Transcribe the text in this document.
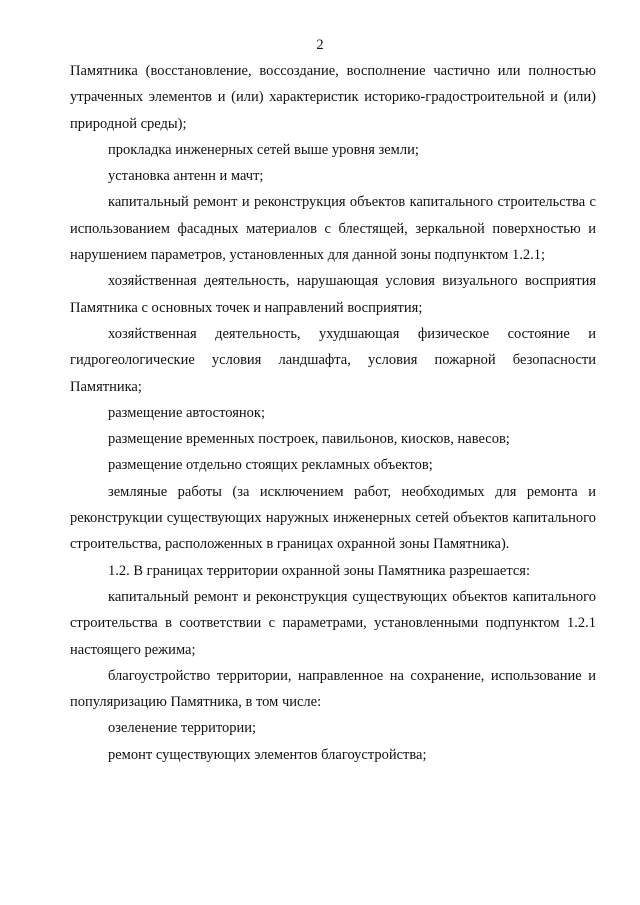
2

Памятника (восстановление, воссоздание, восполнение частично или полностью утраченных элементов и (или) характеристик историко-градостроительной и (или) природной среды);

прокладка инженерных сетей выше уровня земли;

установка антенн и мачт;

капитальный ремонт и реконструкция объектов капитального строительства с использованием фасадных материалов с блестящей, зеркальной поверхностью и нарушением параметров, установленных для данной зоны подпунктом 1.2.1;

хозяйственная деятельность, нарушающая условия визуального восприятия Памятника с основных точек и направлений восприятия;

хозяйственная деятельность, ухудшающая физическое состояние и гидрогеологические условия ландшафта, условия пожарной безопасности Памятника;

размещение автостоянок;

размещение временных построек, павильонов, киосков, навесов;

размещение отдельно стоящих рекламных объектов;

земляные работы (за исключением работ, необходимых для ремонта и реконструкции существующих наружных инженерных сетей объектов капитального строительства, расположенных в границах охранной зоны Памятника).

1.2. В границах территории охранной зоны Памятника разрешается:

капитальный ремонт и реконструкция существующих объектов капитального строительства в соответствии с параметрами, установленными подпунктом 1.2.1 настоящего режима;

благоустройство территории, направленное на сохранение, использование и популяризацию Памятника, в том числе:

озеленение территории;

ремонт существующих элементов благоустройства;
